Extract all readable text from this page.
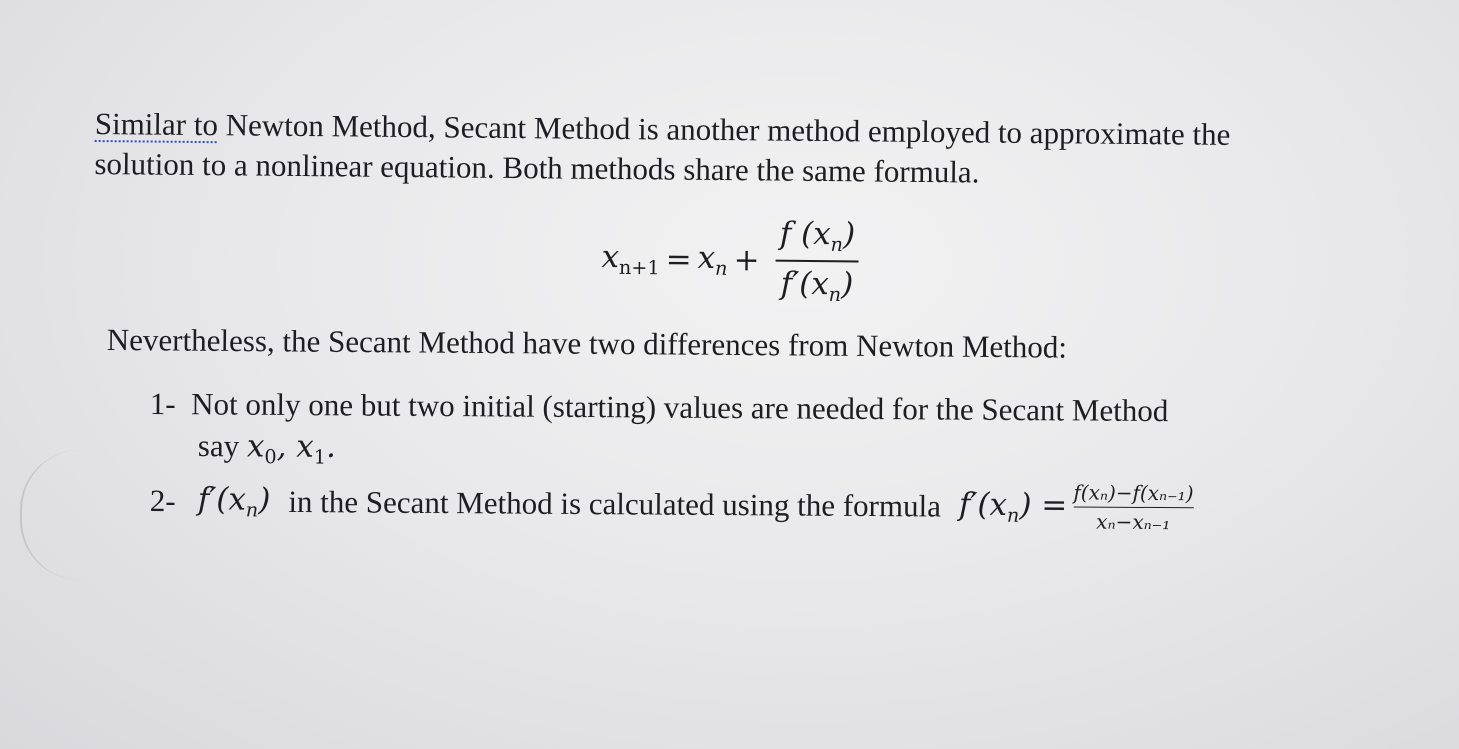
Similar to Newton Method, Secant Method is another method employed to approximate the
solution to a nonlinear equation. Both methods share the same formula.
$x_{n+1} = x_n + \frac{f (x_n)}{f'(x_n)}$
Nevertheless, the Secant Method have two differences from Newton Method:
1- Not only one but two initial (starting) values are needed for the Secant Method
say $x_0$, $x_1$.
2- $f'(x_n)$ in the Secant Method is calculated using the formula $f'(x_n) = \frac{\text{f(xₙ)−f(xₙ₋₁)}}{\text{xₙ−xₙ₋₁}}$
